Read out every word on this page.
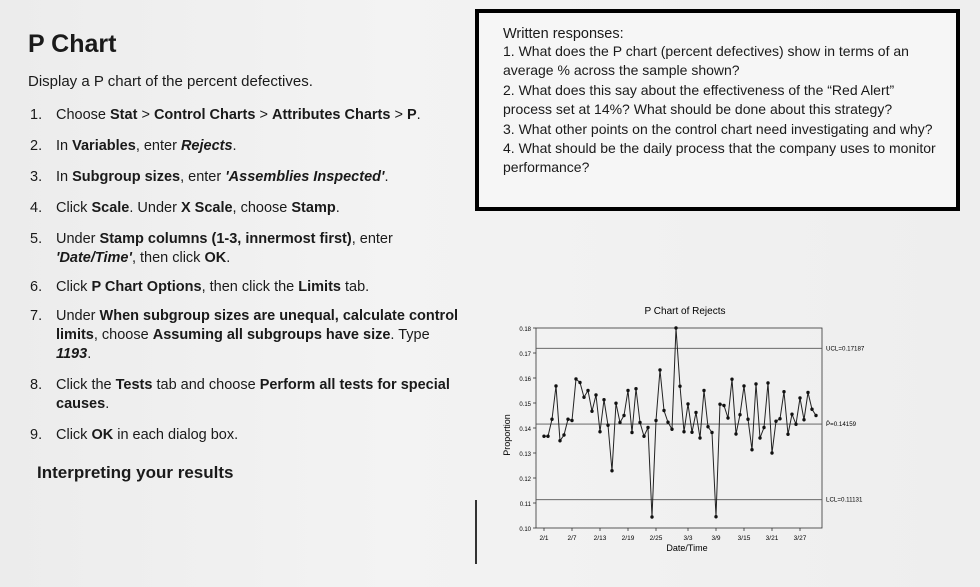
P Chart
Display a P chart of the percent defectives.
1. Choose Stat > Control Charts > Attributes Charts > P.
2. In Variables, enter Rejects.
3. In Subgroup sizes, enter 'Assemblies Inspected'.
4. Click Scale. Under X Scale, choose Stamp.
5. Under Stamp columns (1-3, innermost first), enter 'Date/Time', then click OK.
6. Click P Chart Options, then click the Limits tab.
7. Under When subgroup sizes are unequal, calculate control limits, choose Assuming all subgroups have size. Type 1193.
8. Click the Tests tab and choose Perform all tests for special causes.
9. Click OK in each dialog box.
Interpreting your results
Written responses:
1. What does the P chart (percent defectives) show in terms of an average % across the sample shown?
2. What does this say about the effectiveness of the “Red Alert” process set at 14%? What should be done about this strategy?
3. What other points on the control chart need investigating and why?
4. What should be the daily process that the company uses to monitor performance?
P Chart of Rejects
Date/Time
Proportion
0.10
0.11
0.12
0.13
0.14
0.15
0.16
0.17
0.18
2/1	2/7	2/13 2/19 2/25	3/3	3/9	3/15 3/21 3/27
UCL=0.17187
P̄=0.14159
LCL=0.11131
